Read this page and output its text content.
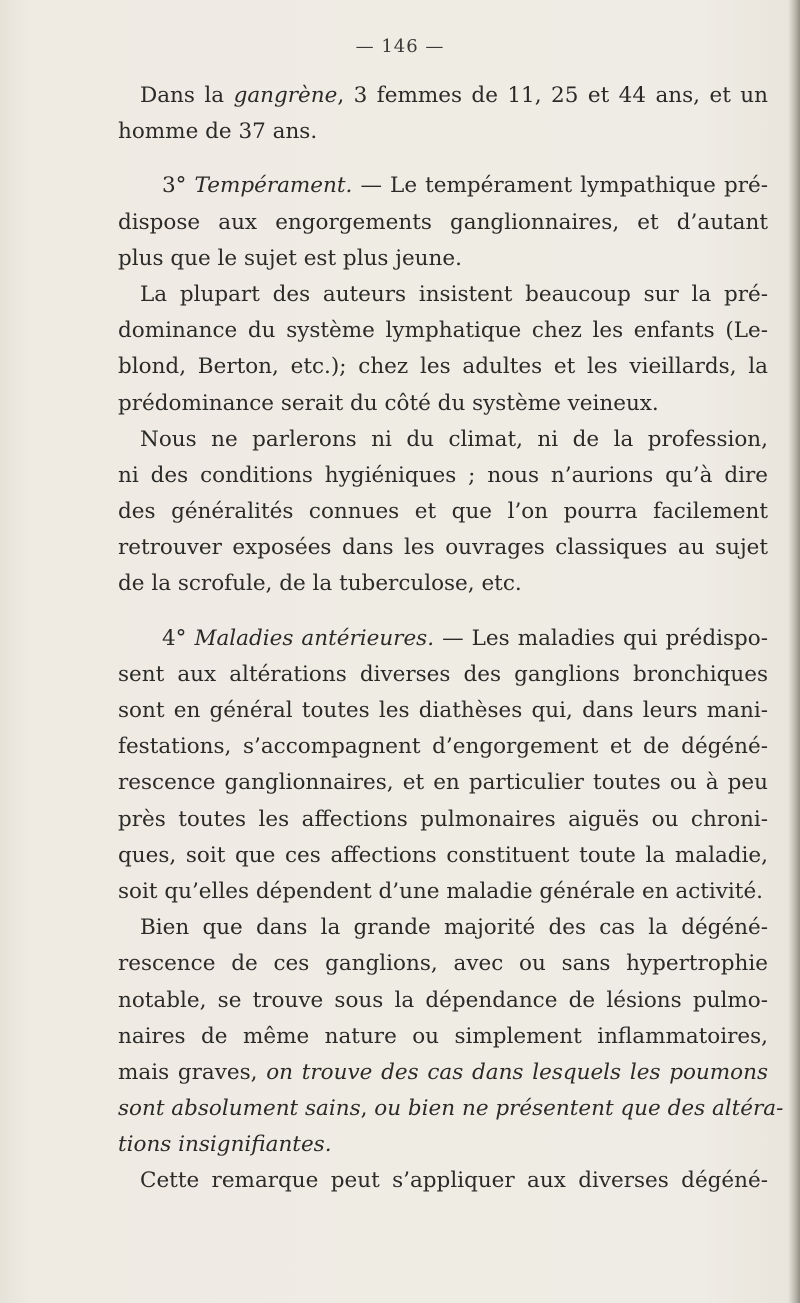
— 146 —
Dans la gangrène, 3 femmes de 11, 25 et 44 ans, et un
homme de 37 ans.
3° Tempérament. — Le tempérament lympathique pré-
dispose aux engorgements ganglionnaires, et d’autant
plus que le sujet est plus jeune.
La plupart des auteurs insistent beaucoup sur la pré-
dominance du système lymphatique chez les enfants (Le-
blond, Berton, etc.); chez les adultes et les vieillards, la
prédominance serait du côté du système veineux.
Nous ne parlerons ni du climat, ni de la profession,
ni des conditions hygiéniques ; nous n’aurions qu’à dire
des généralités connues et que l’on pourra facilement
retrouver exposées dans les ouvrages classiques au sujet
de la scrofule, de la tuberculose, etc.
4° Maladies antérieures. — Les maladies qui prédispo-
sent aux altérations diverses des ganglions bronchiques
sont en général toutes les diathèses qui, dans leurs mani-
festations, s’accompagnent d’engorgement et de dégéné-
rescence ganglionnaires, et en particulier toutes ou à peu
près toutes les affections pulmonaires aiguës ou chroni-
ques, soit que ces affections constituent toute la maladie,
soit qu’elles dépendent d’une maladie générale en activité.
Bien que dans la grande majorité des cas la dégéné-
rescence de ces ganglions, avec ou sans hypertrophie
notable, se trouve sous la dépendance de lésions pulmo-
naires de même nature ou simplement inflammatoires,
mais graves, on trouve des cas dans lesquels les poumons
sont absolument sains, ou bien ne présentent que des altéra-
tions insignifiantes.
Cette remarque peut s’appliquer aux diverses dégéné-
